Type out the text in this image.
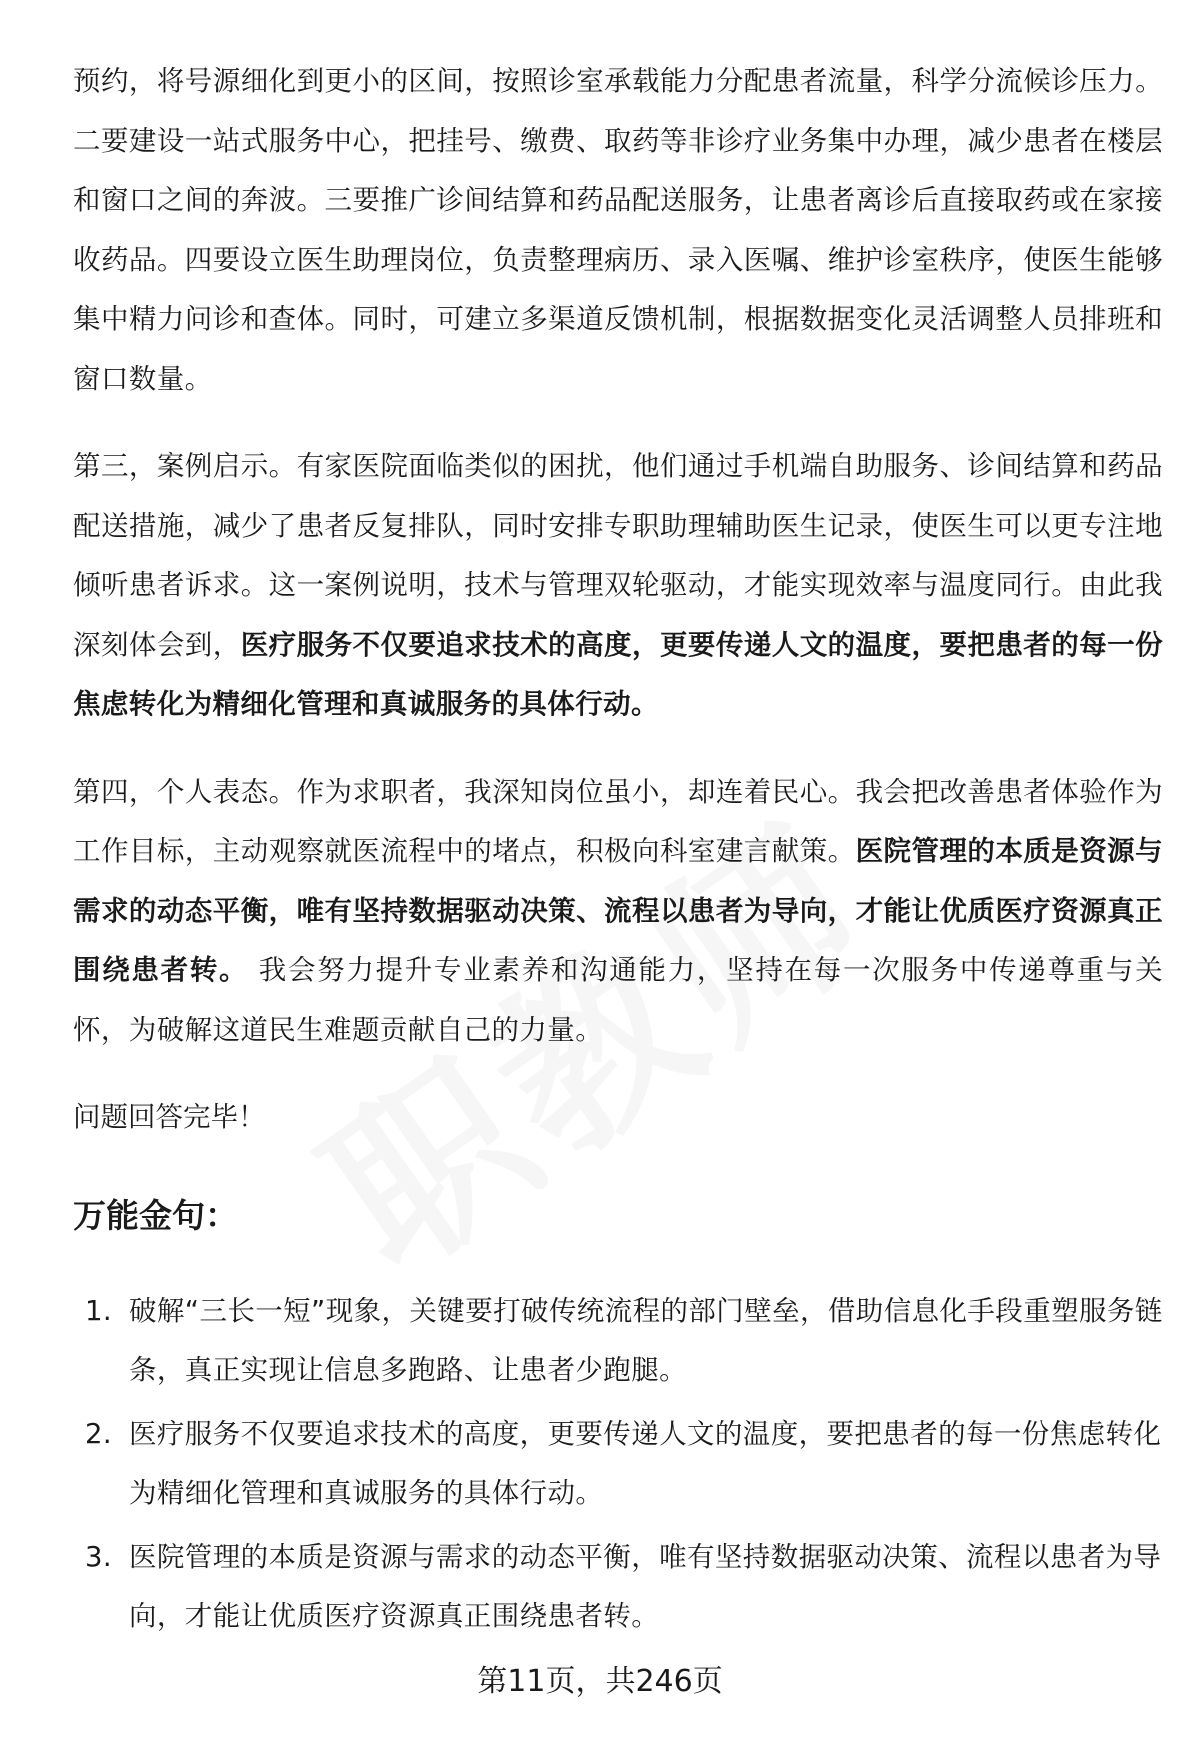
预约，将号源细化到更小的区间，按照诊室承载能力分配患者流量，科学分流候诊压力。二要建设一站式服务中心，把挂号、缴费、取药等非诊疗业务集中办理，减少患者在楼层和窗口之间的奔波。三要推广诊间结算和药品配送服务，让患者离诊后直接取药或在家接收药品。四要设立医生助理岗位，负责整理病历、录入医嘱、维护诊室秩序，使医生能够集中精力问诊和查体。同时，可建立多渠道反馈机制，根据数据变化灵活调整人员排班和窗口数量。

第三，案例启示。有家医院面临类似的困扰，他们通过手机端自助服务、诊间结算和药品配送措施，减少了患者反复排队，同时安排专职助理辅助医生记录，使医生可以更专注地倾听患者诉求。这一案例说明，技术与管理双轮驱动，才能实现效率与温度同行。由此我深刻体会到，医疗服务不仅要追求技术的高度，更要传递人文的温度，要把患者的每一份焦虑转化为精细化管理和真诚服务的具体行动。

第四，个人表态。作为求职者，我深知岗位虽小，却连着民心。我会把改善患者体验作为工作目标，主动观察就医流程中的堵点，积极向科室建言献策。医院管理的本质是资源与需求的动态平衡，唯有坚持数据驱动决策、流程以患者为导向，才能让优质医疗资源真正围绕患者转。 我会努力提升专业素养和沟通能力，坚持在每一次服务中传递尊重与关怀，为破解这道民生难题贡献自己的力量。

问题回答完毕！

万能金句：
1. 破解“三长一短”现象，关键要打破传统流程的部门壁垒，借助信息化手段重塑服务链条，真正实现让信息多跑路、让患者少跑腿。
2. 医疗服务不仅要追求技术的高度，更要传递人文的温度，要把患者的每一份焦虑转化为精细化管理和真诚服务的具体行动。
3. 医院管理的本质是资源与需求的动态平衡，唯有坚持数据驱动决策、流程以患者为导向，才能让优质医疗资源真正围绕患者转。
第11页，共246页
